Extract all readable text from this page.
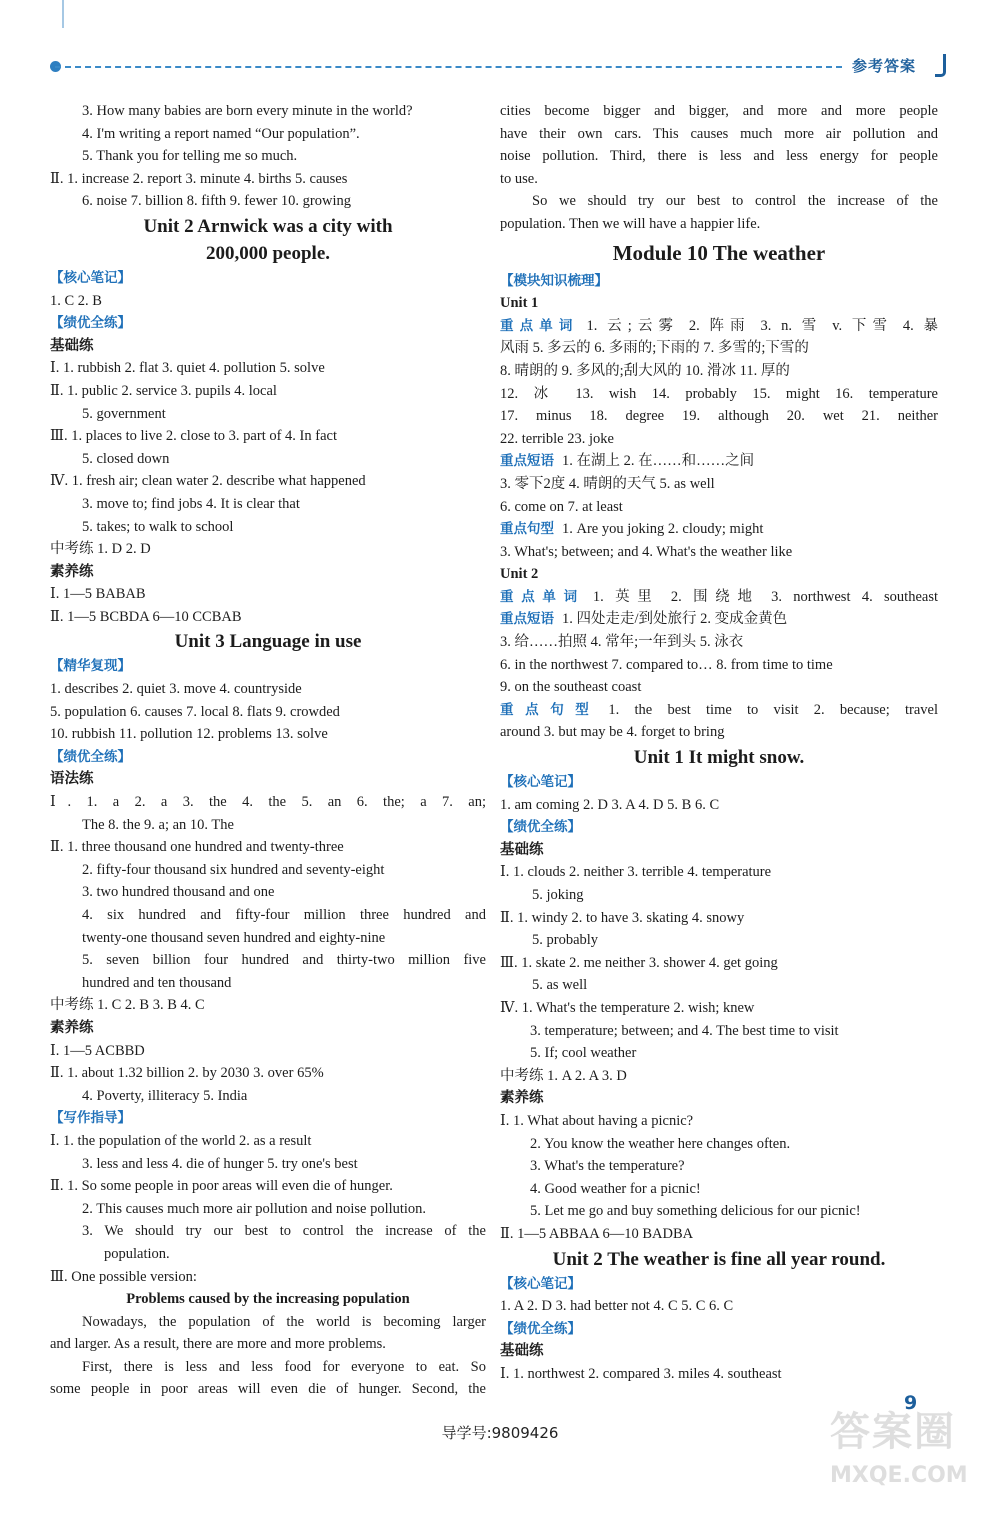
参考答案
3. How many babies are born every minute in the world?
4. I'm writing a report named “Our population”.
5. Thank you for telling me so much.
Ⅱ. 1. increase 2. report 3. minute 4. births 5. causes
6. noise 7. billion 8. fifth 9. fewer 10. growing
Unit 2 Arnwick was a city with
200,000 people.
【核心笔记】
1. C 2. B
【绩优全练】
基础练
Ⅰ. 1. rubbish 2. flat 3. quiet 4. pollution 5. solve
Ⅱ. 1. public 2. service 3. pupils 4. local
5. government
Ⅲ. 1. places to live 2. close to 3. part of 4. In fact
5. closed down
Ⅳ. 1. fresh air; clean water 2. describe what happened
3. move to; find jobs 4. It is clear that
5. takes; to walk to school
中考练 1. D 2. D
素养练
Ⅰ. 1—5 BABAB
Ⅱ. 1—5 BCBDA 6—10 CCBAB
Unit 3 Language in use
【精华复现】
1. describes 2. quiet 3. move 4. countryside
5. population 6. causes 7. local 8. flats 9. crowded
10. rubbish 11. pollution 12. problems 13. solve
【绩优全练】
语法练
Ⅰ. 1. a 2. a 3. the 4. the 5. an 6. the; a 7. an;
The 8. the 9. a; an 10. The
Ⅱ. 1. three thousand one hundred and twenty-three
2. fifty-four thousand six hundred and seventy-eight
3. two hundred thousand and one
4. six hundred and fifty-four million three hundred and
twenty-one thousand seven hundred and eighty-nine
5. seven billion four hundred and thirty-two million five
hundred and ten thousand
中考练 1. C 2. B 3. B 4. C
素养练
Ⅰ. 1—5 ACBBD
Ⅱ. 1. about 1.32 billion 2. by 2030 3. over 65%
4. Poverty, illiteracy 5. India
【写作指导】
Ⅰ. 1. the population of the world 2. as a result
3. less and less 4. die of hunger 5. try one's best
Ⅱ. 1. So some people in poor areas will even die of hunger.
2. This causes much more air pollution and noise pollution.
3. We should try our best to control the increase of the
population.
Ⅲ. One possible version:
Problems caused by the increasing population
Nowadays, the population of the world is becoming larger
and larger. As a result, there are more and more problems.
First, there is less and less food for everyone to eat. So
some people in poor areas will even die of hunger. Second, the
cities become bigger and bigger, and more and more people
have their own cars. This causes much more air pollution and
noise pollution. Third, there is less and less energy for people
to use.
So we should try our best to control the increase of the
population. Then we will have a happier life.
Module 10 The weather
【模块知识梳理】
Unit 1
重点单词 1. 云;云雾 2. 阵雨 3. n. 雪 v. 下雪 4. 暴
风雨 5. 多云的 6. 多雨的;下雨的 7. 多雪的;下雪的
8. 晴朗的 9. 多风的;刮大风的 10. 滑冰 11. 厚的
12. 冰 13. wish 14. probably 15. might 16. temperature
17. minus 18. degree 19. although 20. wet 21. neither
22. terrible 23. joke
重点短语 1. 在湖上 2. 在……和……之间
3. 零下2度 4. 晴朗的天气 5. as well
6. come on 7. at least
重点句型 1. Are you joking 2. cloudy; might
3. What's; between; and 4. What's the weather like
Unit 2
重点单词 1. 英里 2. 围绕地 3. northwest 4. southeast
重点短语 1. 四处走走/到处旅行 2. 变成金黄色
3. 给……拍照 4. 常年;一年到头 5. 泳衣
6. in the northwest 7. compared to… 8. from time to time
9. on the southeast coast
重点句型 1. the best time to visit 2. because; travel
around 3. but may be 4. forget to bring
Unit 1 It might snow.
【核心笔记】
1. am coming 2. D 3. A 4. D 5. B 6. C
【绩优全练】
基础练
Ⅰ. 1. clouds 2. neither 3. terrible 4. temperature
5. joking
Ⅱ. 1. windy 2. to have 3. skating 4. snowy
5. probably
Ⅲ. 1. skate 2. me neither 3. shower 4. get going
5. as well
Ⅳ. 1. What's the temperature 2. wish; knew
3. temperature; between; and 4. The best time to visit
5. If; cool weather
中考练 1. A 2. A 3. D
素养练
Ⅰ. 1. What about having a picnic?
2. You know the weather here changes often.
3. What's the temperature?
4. Good weather for a picnic!
5. Let me go and buy something delicious for our picnic!
Ⅱ. 1—5 ABBAA 6—10 BADBA
Unit 2 The weather is fine all year round.
【核心笔记】
1. A 2. D 3. had better not 4. C 5. C 6. C
【绩优全练】
基础练
Ⅰ. 1. northwest 2. compared 3. miles 4. southeast
9
导学号:9809426	答案圈
MXQE.COM
